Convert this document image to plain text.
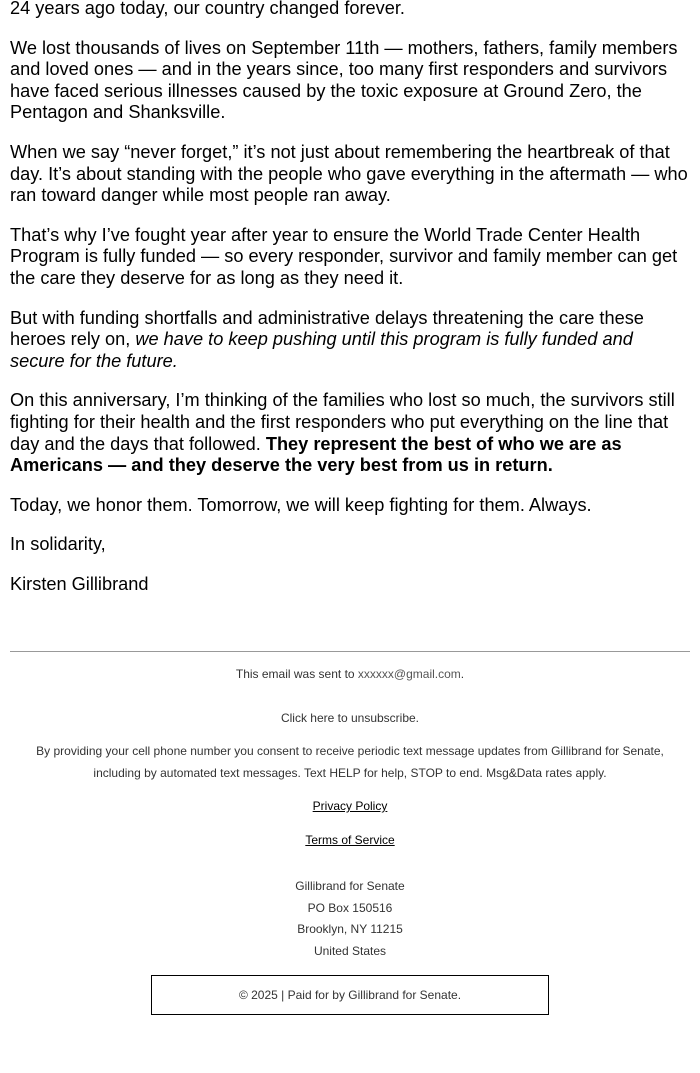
24 years ago today, our country changed forever.

We lost thousands of lives on September 11th — mothers, fathers, family members and loved ones — and in the years since, too many first responders and survivors have faced serious illnesses caused by the toxic exposure at Ground Zero, the Pentagon and Shanksville.

When we say “never forget,” it’s not just about remembering the heartbreak of that day. It’s about standing with the people who gave everything in the aftermath — who ran toward danger while most people ran away.

That’s why I’ve fought year after year to ensure the World Trade Center Health Program is fully funded — so every responder, survivor and family member can get the care they deserve for as long as they need it.

But with funding shortfalls and administrative delays threatening the care these heroes rely on, we have to keep pushing until this program is fully funded and secure for the future.

On this anniversary, I’m thinking of the families who lost so much, the survivors still fighting for their health and the first responders who put everything on the line that day and the days that followed. They represent the best of who we are as Americans — and they deserve the very best from us in return.

Today, we honor them. Tomorrow, we will keep fighting for them. Always.

In solidarity,

Kirsten Gillibrand

This email was sent to xxxxxx@gmail.com.
Click here to unsubscribe.
By providing your cell phone number you consent to receive periodic text message updates from Gillibrand for Senate,
including by automated text messages. Text HELP for help, STOP to end. Msg&Data rates apply.
Privacy Policy
Terms of Service
Gillibrand for Senate
PO Box 150516
Brooklyn, NY 11215
United States
© 2025 | Paid for by Gillibrand for Senate.
